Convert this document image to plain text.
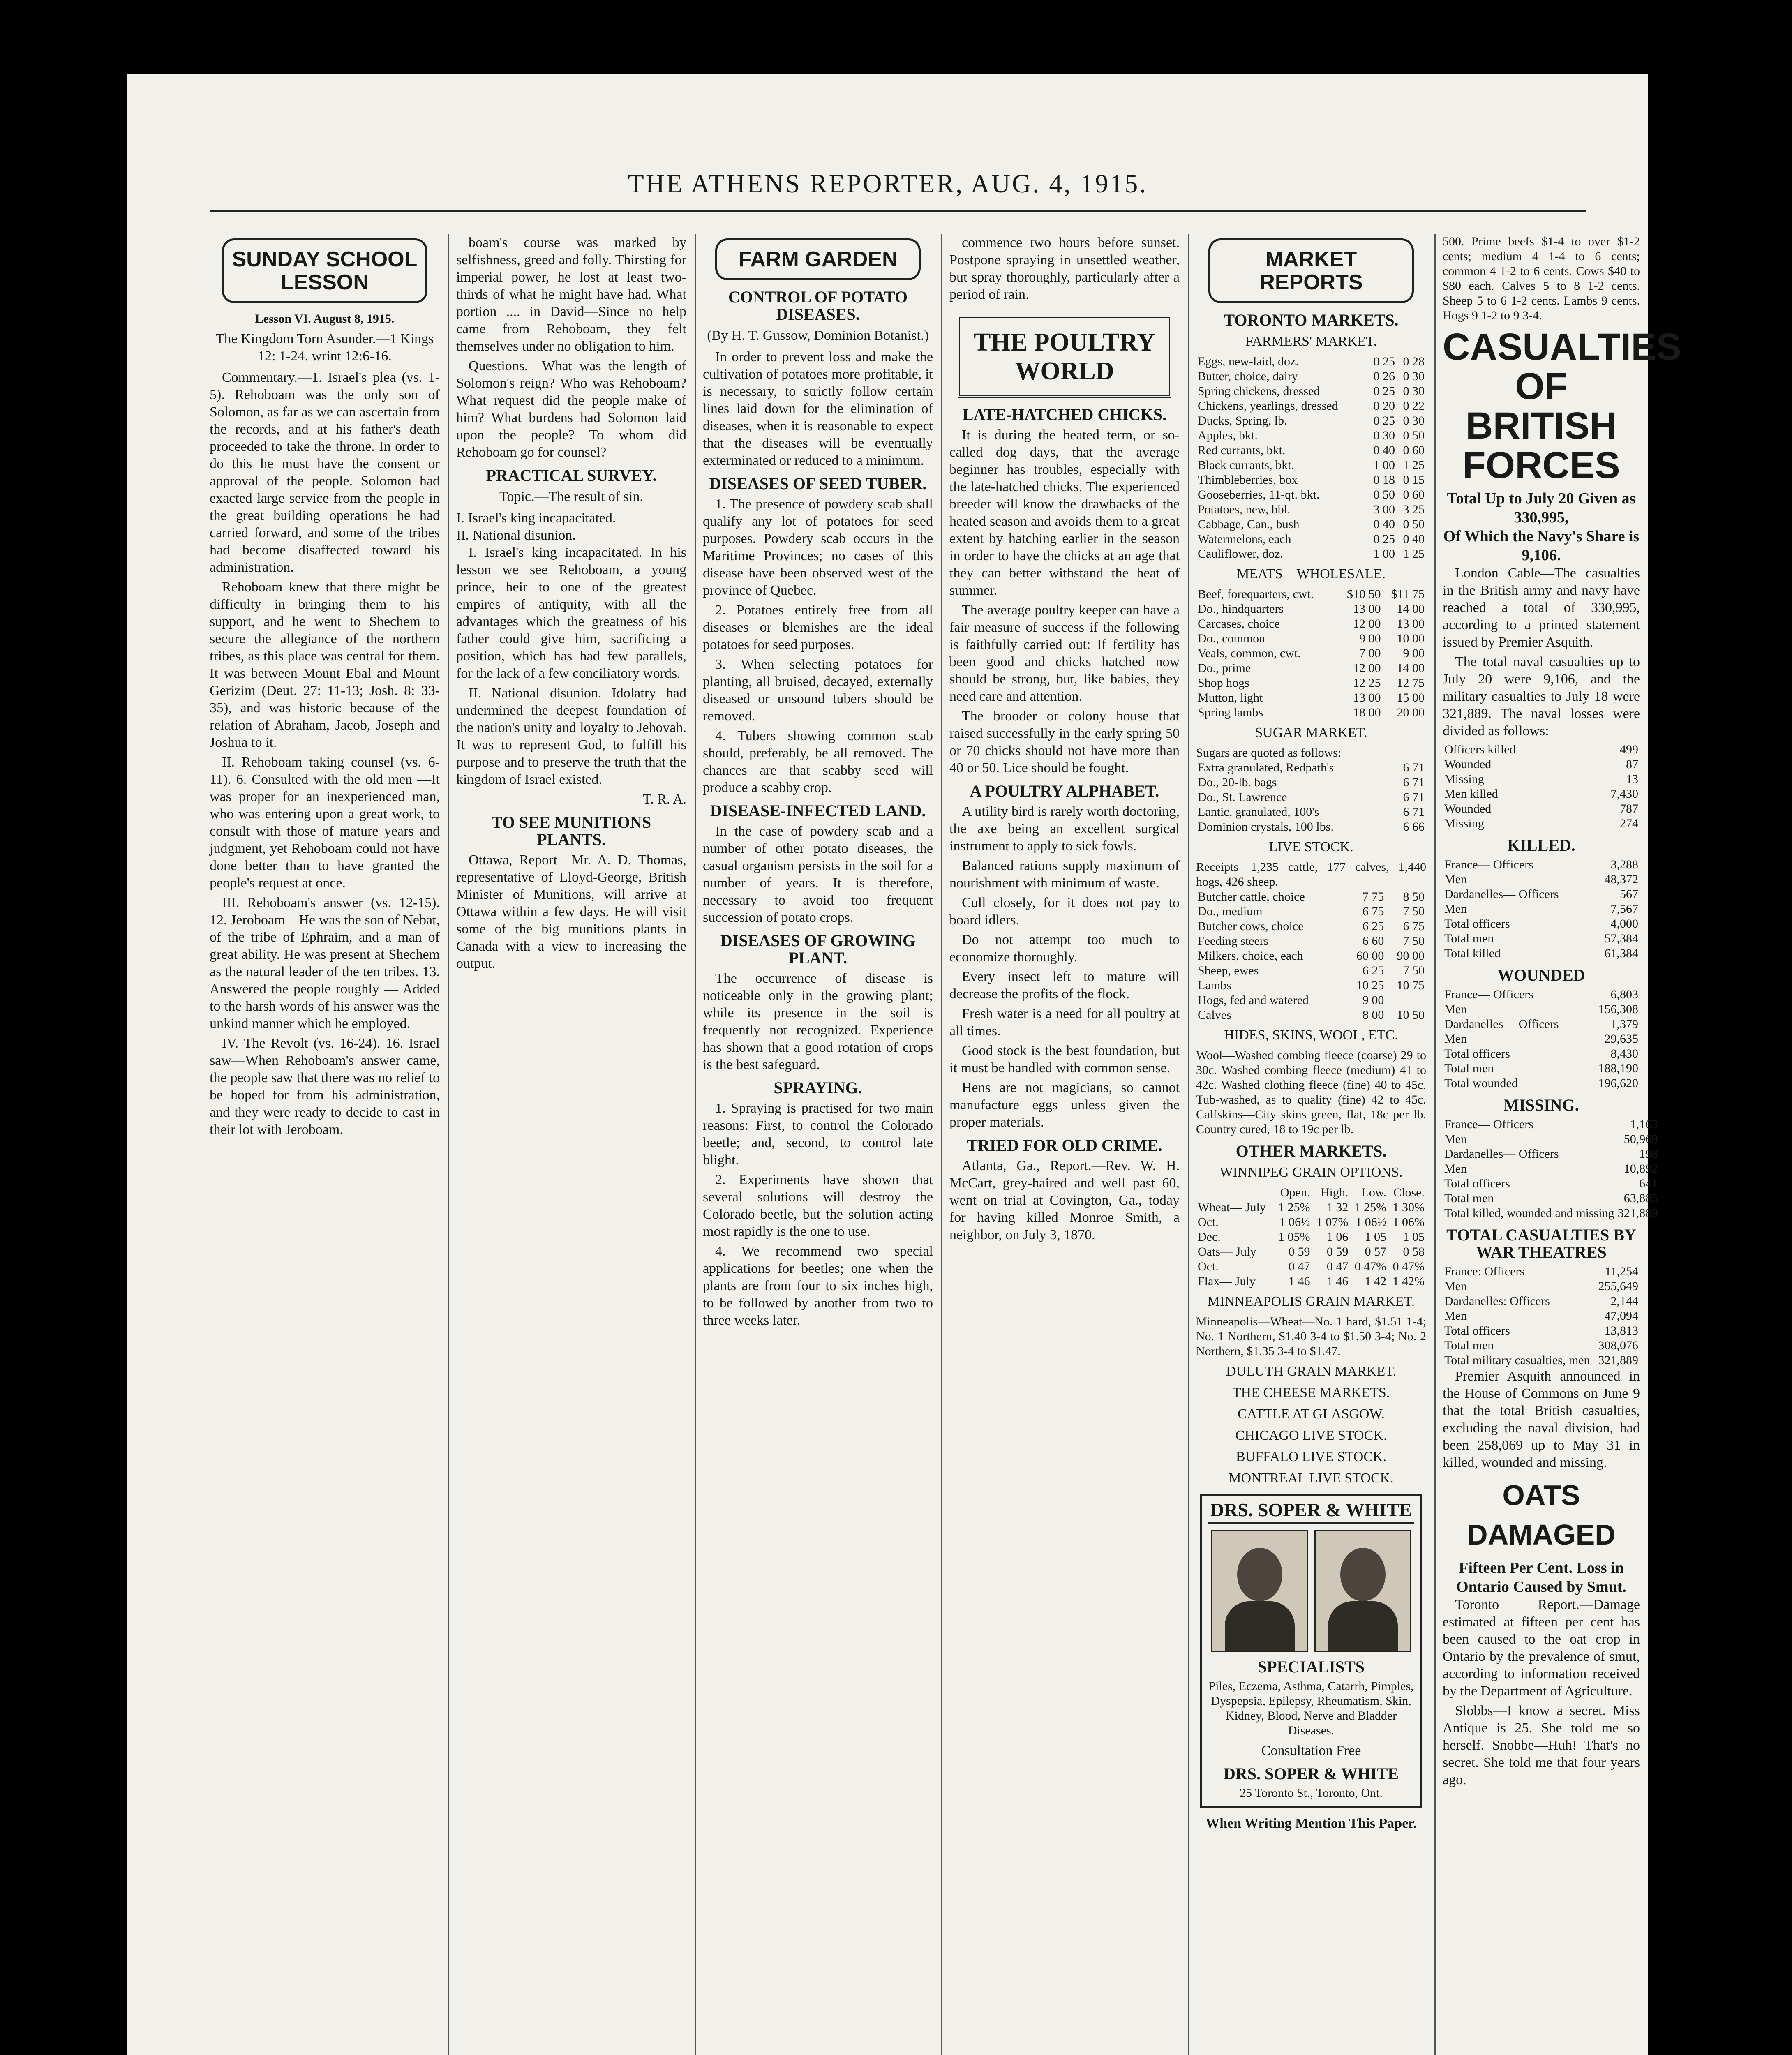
THE ATHENS REPORTER, AUG. 4, 1915.
SUNDAY SCHOOL LESSON
Lesson VI. August 8, 1915.
The Kingdom Torn Asunder.—1 Kings 12: 1-24. wrint 12:6-16.

Commentary.—1. Israel's plea (vs. 1-5). Rehoboam was the only son of Solomon, as far as we can ascertain from the records, and at his father's death proceeded to take the throne. In order to do this he must have the consent or approval of the people. Solomon had exacted large service from the people in the great building operations he had carried forward, and some of the tribes had become disaffected toward his administration.

Rehoboam knew that there might be difficulty in bringing them to his support, and he went to Shechem to secure the allegiance of the northern tribes, as this place was central for them. It was between Mount Ebal and Mount Gerizim (Deut. 27: 11-13; Josh. 8: 33-35), and was historic because of the relation of Abraham, Jacob, Joseph and Joshua to it.

II. Rehoboam taking counsel (vs. 6-11). 6. Consulted with the old men —It was proper for an inexperienced man, who was entering upon a great work, to consult with those of mature years and judgment, yet Rehoboam could not have done better than to have granted the people's request at once.

III. Rehoboam's answer (vs. 12-15). 12. Jeroboam—He was the son of Nebat, of the tribe of Ephraim, and a man of great ability. He was present at Shechem as the natural leader of the ten tribes. 13. Answered the people roughly — Added to the harsh words of his answer was the unkind manner which he employed.

IV. The Revolt (vs. 16-24). 16. Israel saw—When Rehoboam's answer came, the people saw that there was no relief to be hoped for from his administration, and they were ready to decide to cast in their lot with Jeroboam.

boam's course was marked by selfishness, greed and folly. Thirsting for imperial power, he lost at least two-thirds of what he might have had. What portion .... in David—Since no help came from Rehoboam, they felt themselves under no obligation to him.

Questions.—What was the length of Solomon's reign? Who was Rehoboam? What request did the people make of him? What burdens had Solomon laid upon the people? To whom did Rehoboam go for counsel?

PRACTICAL SURVEY.
Topic.—The result of sin.
I. Israel's king incapacitated.
II. National disunion.

I. Israel's king incapacitated. In his lesson we see Rehoboam, a young prince, heir to one of the greatest empires of antiquity, with all the advantages which the greatness of his father could give him, sacrificing a position, which has had few parallels, for the lack of a few conciliatory words.

II. National disunion. Idolatry had undermined the deepest foundation of the nation's unity and loyalty to Jehovah. It was to represent God, to fulfill his purpose and to preserve the truth that the kingdom of Israel existed.

T. R. A.
TO SEE MUNITIONS PLANTS.

Ottawa, Report—Mr. A. D. Thomas, representative of Lloyd-George, British Minister of Munitions, will arrive at Ottawa within a few days. He will visit some of the big munitions plants in Canada with a view to increasing the output.

FARM GARDEN
CONTROL OF POTATO DISEASES.
(By H. T. Gussow, Dominion Botanist.)

In order to prevent loss and make the cultivation of potatoes more profitable, it is necessary, to strictly follow certain lines laid down for the elimination of diseases, when it is reasonable to expect that the diseases will be eventually exterminated or reduced to a minimum.

DISEASES OF SEED TUBER.

1. The presence of powdery scab shall qualify any lot of potatoes for seed purposes. Powdery scab occurs in the Maritime Provinces; no cases of this disease have been observed west of the province of Quebec.

2. Potatoes entirely free from all diseases or blemishes are the ideal potatoes for seed purposes.

3. When selecting potatoes for planting, all bruised, decayed, externally diseased or unsound tubers should be removed.

4. Tubers showing common scab should, preferably, be all removed. The chances are that scabby seed will produce a scabby crop.

DISEASE-INFECTED LAND.

In the case of powdery scab and a number of other potato diseases, the casual organism persists in the soil for a number of years. It is therefore, necessary to avoid too frequent succession of potato crops.

DISEASES OF GROWING PLANT.

The occurrence of disease is noticeable only in the growing plant; while its presence in the soil is frequently not recognized. Experience has shown that a good rotation of crops is the best safeguard.

SPRAYING.

1. Spraying is practised for two main reasons: First, to control the Colorado beetle; and, second, to control late blight.

2. Experiments have shown that several solutions will destroy the Colorado beetle, but the solution acting most rapidly is the one to use.

4. We recommend two special applications for beetles; one when the plants are from four to six inches high, to be followed by another from two to three weeks later.

commence two hours before sunset. Postpone spraying in unsettled weather, but spray thoroughly, particularly after a period of rain.

THE POULTRY WORLD
LATE-HATCHED CHICKS.

It is during the heated term, or so-called dog days, that the average beginner has troubles, especially with the late-hatched chicks. The experienced breeder will know the drawbacks of the heated season and avoids them to a great extent by hatching earlier in the season in order to have the chicks at an age that they can better withstand the heat of summer.

The average poultry keeper can have a fair measure of success if the following is faithfully carried out: If fertility has been good and chicks hatched now should be strong, but, like babies, they need care and attention.

The brooder or colony house that raised successfully in the early spring 50 or 70 chicks should not have more than 40 or 50. Lice should be fought.

A POULTRY ALPHABET.

A utility bird is rarely worth doctoring, the axe being an excellent surgical instrument to apply to sick fowls.

Balanced rations supply maximum of nourishment with minimum of waste.

Cull closely, for it does not pay to board idlers.

Do not attempt too much to economize thoroughly.

Every insect left to mature will decrease the profits of the flock.

Fresh water is a need for all poultry at all times.

Good stock is the best foundation, but it must be handled with common sense.

Hens are not magicians, so cannot manufacture eggs unless given the proper materials.

TRIED FOR OLD CRIME.

Atlanta, Ga., Report.—Rev. W. H. McCart, grey-haired and well past 60, went on trial at Covington, Ga., today for having killed Monroe Smith, a neighbor, on July 3, 1870.

MARKET REPORTS
TORONTO MARKETS.
FARMERS' MARKET.
Eggs, new-laid, doz.	0 25	0 28
Butter, choice, dairy	0 26	0 30
Spring chickens, dressed	0 25	0 30
Chickens, yearlings, dressed	0 20	0 22
Ducks, Spring, lb.	0 25	0 30
Apples, bkt.	0 30	0 50
Red currants, bkt.	0 40	0 60
Black currants, bkt.	1 00	1 25
Thimbleberries, box	0 18	0 15
Gooseberries, 11-qt. bkt.	0 50	0 60
Potatoes, new, bbl.	3 00	3 25
Cabbage, Can., bush	0 40	0 50
Watermelons, each	0 25	0 40
Cauliflower, doz.	1 00	1 25
MEATS—WHOLESALE.
Beef, forequarters, cwt.	$10 50	$11 75
Do., hindquarters	13 00	14 00
Carcases, choice	12 00	13 00
Do., common	9 00	10 00
Veals, common, cwt.	7 00	9 00
Do., prime	12 00	14 00
Shop hogs	12 25	12 75
Mutton, light	13 00	15 00
Spring lambs	18 00	20 00
SUGAR MARKET.
Sugars are quoted as follows:
Extra granulated, Redpath's	6 71
Do., 20-lb. bags	6 71
Do., St. Lawrence	6 71
Lantic, granulated, 100's	6 71
Dominion crystals, 100 lbs.	6 66
LIVE STOCK.
Receipts—1,235 cattle, 177 calves, 1,440 hogs, 426 sheep.
Butcher cattle, choice	7 75	8 50
Do., medium	6 75	7 50
Butcher cows, choice	6 25	6 75
Feeding steers	6 60	7 50
Milkers, choice, each	60 00	90 00
Sheep, ewes	6 25	7 50
Lambs	10 25	10 75
Hogs, fed and watered	9 00	
Calves	8 00	10 50
HIDES, SKINS, WOOL, ETC.
Wool—Washed combing fleece (coarse) 29 to 30c. Washed combing fleece (medium) 41 to 42c. Washed clothing fleece (fine) 40 to 45c. Tub-washed, as to quality (fine) 42 to 45c. Calfskins—City skins green, flat, 18c per lb. Country cured, 18 to 19c per lb.
OTHER MARKETS.
WINNIPEG GRAIN OPTIONS.
	Open.	High.	Low.	Close.
Wheat— July	1 25%	1 32	1 25%	1 30%
Oct.	1 06½	1 07%	1 06½	1 06%
Dec.	1 05%	1 06	1 05	1 05
Oats— July	0 59	0 59	0 57	0 58
Oct.	0 47	0 47	0 47%	0 47%
Flax— July	1 46	1 46	1 42	1 42%
MINNEAPOLIS GRAIN MARKET.
Minneapolis—Wheat—No. 1 hard, $1.51 1-4; No. 1 Northern, $1.40 3-4 to $1.50 3-4; No. 2 Northern, $1.35 3-4 to $1.47.
DULUTH GRAIN MARKET.
THE CHEESE MARKETS.
CATTLE AT GLASGOW.
CHICAGO LIVE STOCK.
BUFFALO LIVE STOCK.
MONTREAL LIVE STOCK.
DRS. SOPER & WHITE
SPECIALISTS
Piles, Eczema, Asthma, Catarrh, Pimples, Dyspepsia, Epilepsy, Rheumatism, Skin, Kidney, Blood, Nerve and Bladder Diseases.
Consultation Free
DRS. SOPER & WHITE
25 Toronto St., Toronto, Ont.
When Writing Mention This Paper.
500. Prime beefs $1-4 to over $1-2 cents; medium 4 1-4 to 6 cents; common 4 1-2 to 6 cents. Cows $40 to $80 each. Calves 5 to 8 1-2 cents. Sheep 5 to 6 1-2 cents. Lambs 9 cents. Hogs 9 1-2 to 9 3-4.
CASUALTIES OF BRITISH FORCES
Total Up to July 20 Given as 330,995,
Of Which the Navy's Share is 9,106.

London Cable—The casualties in the British army and navy have reached a total of 330,995, according to a printed statement issued by Premier Asquith.

The total naval casualties up to July 20 were 9,106, and the military casualties to July 18 were 321,889. The naval losses were divided as follows:

Officers killed	499
Wounded	87
Missing	13
Men killed	7,430
Wounded	787
Missing	274
KILLED.
France— Officers	3,288
Men	48,372
Dardanelles— Officers	567
Men	7,567
Total officers	4,000
Total men	57,384
Total killed	61,384
WOUNDED
France— Officers	6,803
Men	156,308
Dardanelles— Officers	1,379
Men	29,635
Total officers	8,430
Total men	188,190
Total wounded	196,620
MISSING.
France— Officers	1,163
Men	50,969
Dardanelles— Officers	198
Men	10,892
Total officers	641
Total men	63,885
Total killed, wounded and missing	321,889
TOTAL CASUALTIES BY WAR THEATRES
France: Officers	11,254
Men	255,649
Dardanelles: Officers	2,144
Men	47,094
Total officers	13,813
Total men	308,076
Total military casualties, men	321,889

Premier Asquith announced in the House of Commons on June 9 that the total British casualties, excluding the naval division, had been 258,069 up to May 31 in killed, wounded and missing.

OATS DAMAGED
Fifteen Per Cent. Loss in Ontario Caused by Smut.

Toronto Report.—Damage estimated at fifteen per cent has been caused to the oat crop in Ontario by the prevalence of smut, according to information received by the Department of Agriculture.

Slobbs—I know a secret. Miss Antique is 25. She told me so herself. Snobbe—Huh! That's no secret. She told me that four years ago.
